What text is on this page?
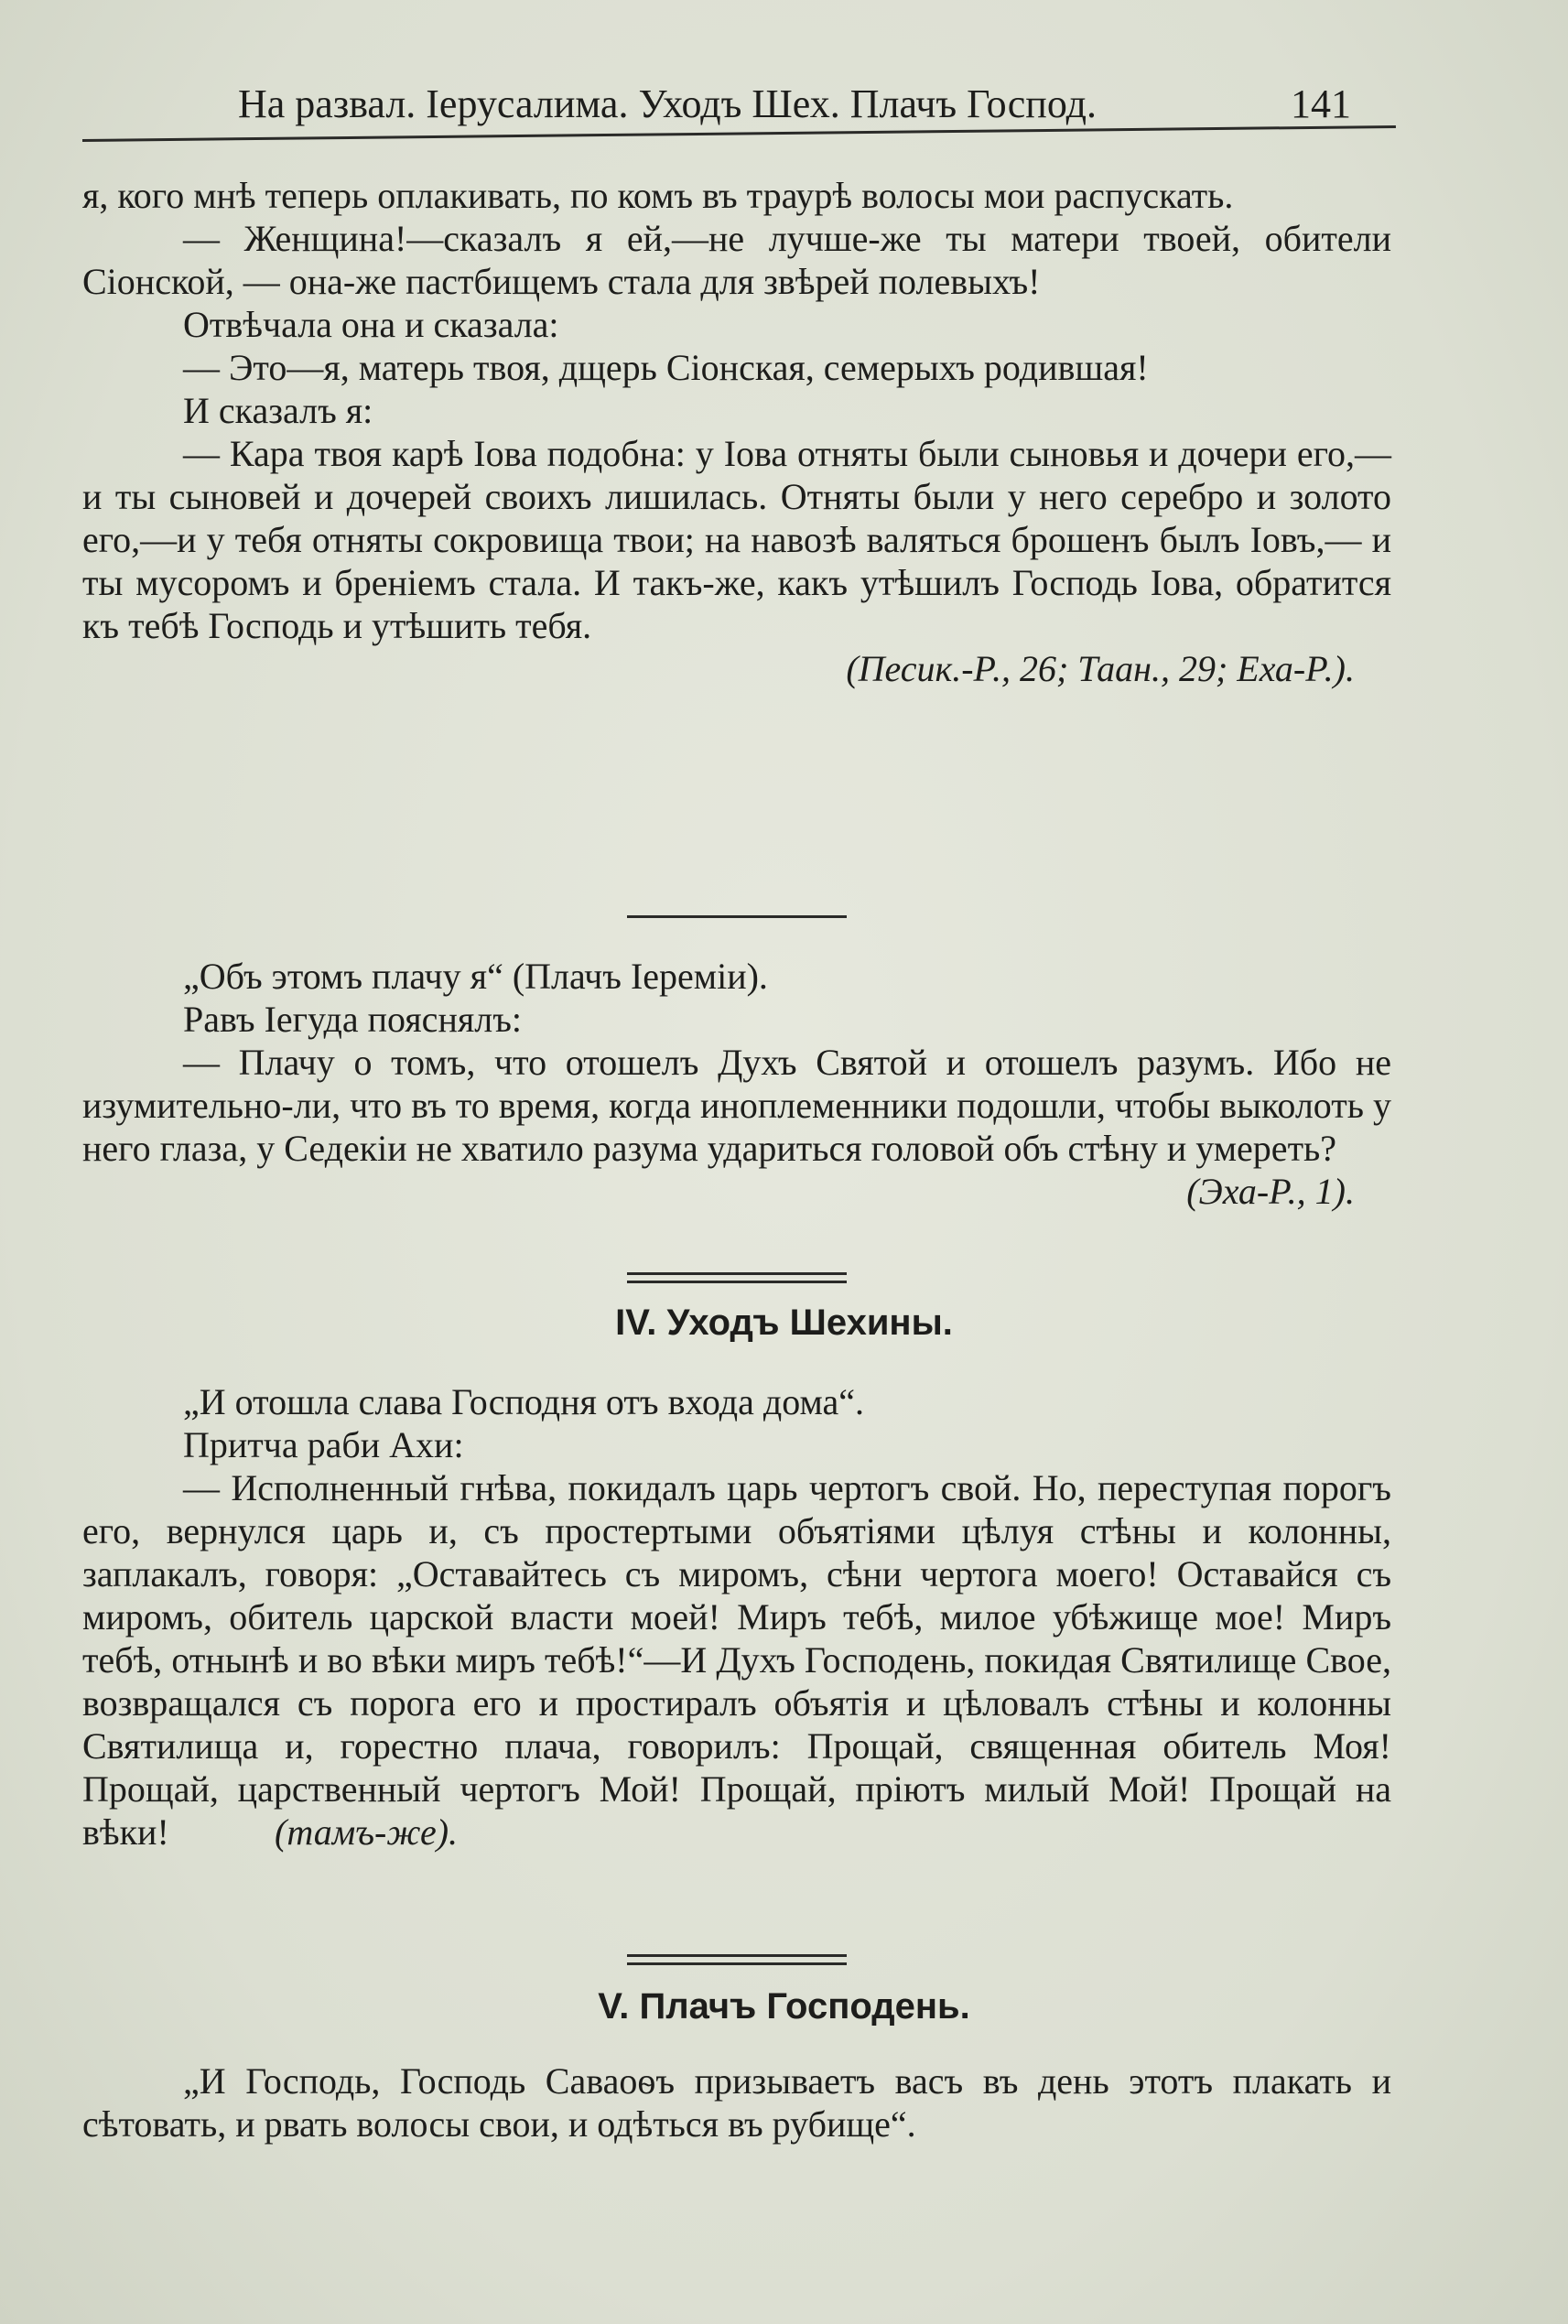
На развал. Іерусалима. Уходъ Шех. Плачъ Господ.	141

я, кого мнѣ теперь оплакивать, по комъ въ траурѣ волосы мои распускать.

— Женщина!—сказалъ я ей,—не лучше-же ты матери твоей, обители Сіонской, — она-же пастбищемъ стала для звѣрей полевыхъ!

Отвѣчала она и сказала:

— Это—я, матерь твоя, дщерь Сіонская, семерыхъ родившая!

И сказалъ я:

— Кара твоя карѣ Іова подобна: у Іова отняты были сыновья и дочери его,—и ты сыновей и дочерей своихъ лишилась. Отняты были у него серебро и золото его,—и у тебя отняты сокровища твои; на навозѣ валяться брошенъ былъ Іовъ,— и ты мусоромъ и бреніемъ стала. И такъ-же, какъ утѣшилъ Господь Іова, обратится къ тебѣ Господь и утѣшить тебя.

(Песик.-Р., 26; Таан., 29; Еха-Р.).

„Объ этомъ плачу я“ (Плачъ Іереміи).

Равъ Іегуда пояснялъ:

— Плачу о томъ, что отошелъ Духъ Святой и отошелъ разумъ. Ибо не изумительно-ли, что въ то время, когда иноплеменники подошли, чтобы выколоть у него глаза, у Седекіи не хватило разума удариться головой объ стѣну и умереть?

(Эха-Р., 1).

IV. Уходъ Шехины.

„И отошла слава Господня отъ входа дома“.

Притча раби Ахи:

— Исполненный гнѣва, покидалъ царь чертогъ свой. Но, переступая порогъ его, вернулся царь и, съ простертыми объятіями цѣлуя стѣны и колонны, заплакалъ, говоря: „Оставайтесь съ миромъ, сѣни чертога моего! Оставайся съ миромъ, обитель царской власти моей! Миръ тебѣ, милое убѣжище мое! Миръ тебѣ, отнынѣ и во вѣки миръ тебѣ!“—И Духъ Господень, покидая Святилище Свое, возвращался съ порога его и простиралъ объятія и цѣловалъ стѣны и колонны Святилища и, горестно плача, говорилъ: Прощай, священная обитель Моя! Прощай, царственный чертогъ Мой! Прощай, пріютъ милый Мой! Прощай на вѣки!	(тамъ-же).

V. Плачъ Господень.

„И Господь, Господь Саваоѳъ призываетъ васъ въ день этотъ плакать и сѣтовать, и рвать волосы свои, и одѣться въ рубище“.
